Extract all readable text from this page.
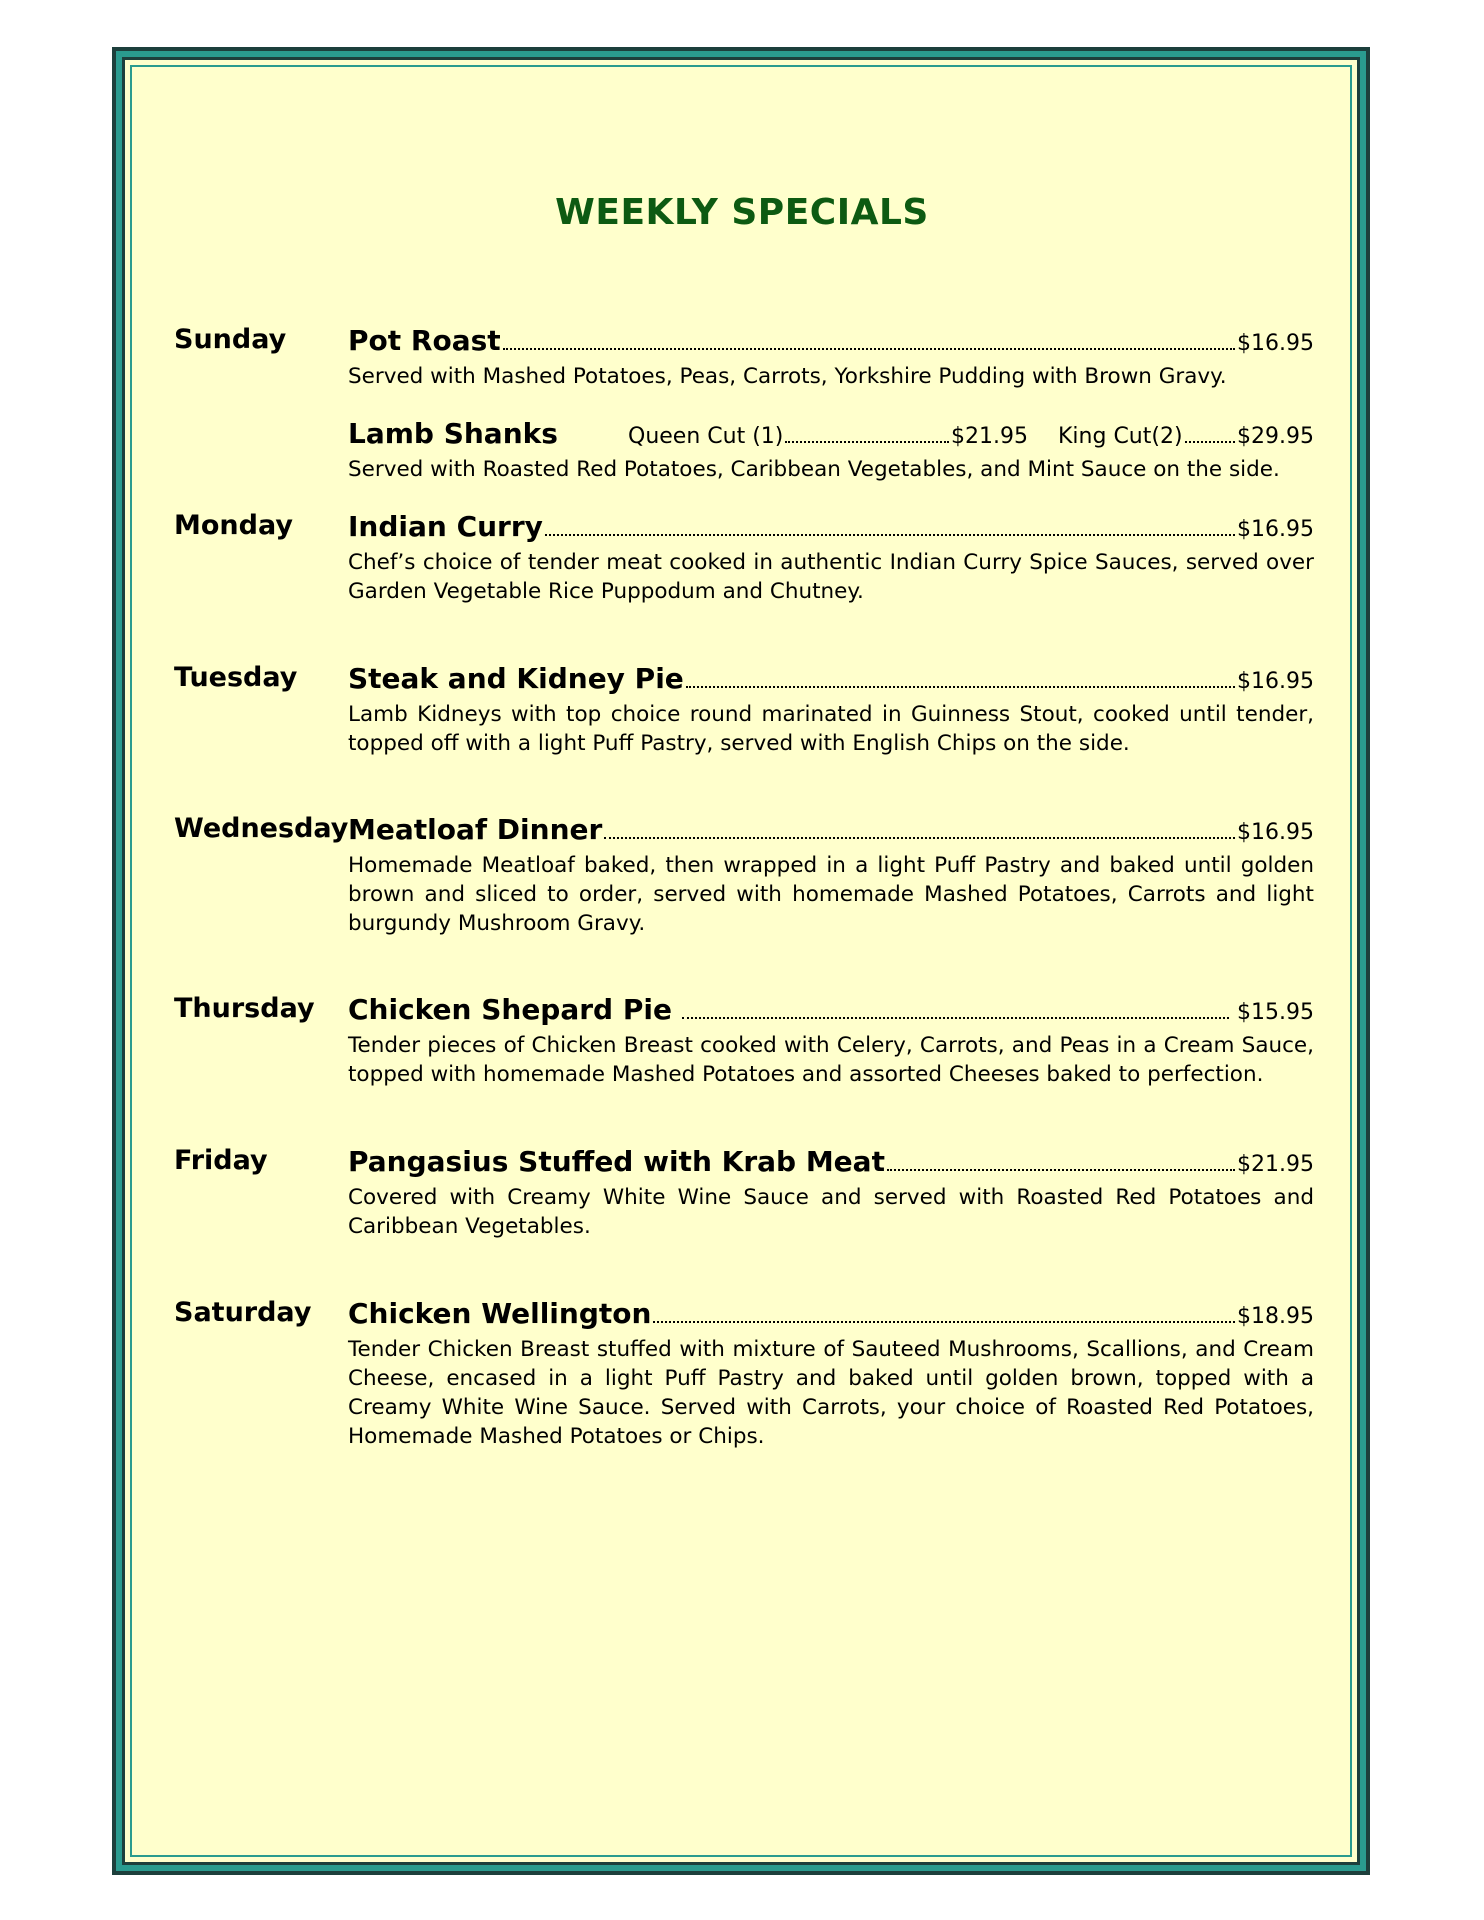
WEEKLY SPECIALS
Sunday Pot Roast	$16.95
Served with Mashed Potatoes, Peas, Carrots, Yorkshire Pudding with Brown Gravy.
Lamb Shanks	Queen Cut (1)	$21.95 King Cut(2) $29.95
Served with Roasted Red Potatoes, Caribbean Vegetables, and Mint Sauce on the side.
Monday Indian Curry	$16.95
Chef’s choice of tender meat cooked in authentic Indian Curry Spice Sauces, served over Garden Vegetable Rice Puppodum and Chutney.
Tuesday Steak and Kidney Pie	$16.95
Lamb Kidneys with top choice round marinated in Guinness Stout, cooked until tender, topped off with a light Puff Pastry, served with English Chips on the side.
Wednesday Meatloaf Dinner	$16.95
Homemade Meatloaf baked, then wrapped in a light Puff Pastry and baked until golden brown and sliced to order, served with homemade Mashed Potatoes, Carrots and light burgundy Mushroom Gravy.
Thursday Chicken Shepard Pie	$15.95
Tender pieces of Chicken Breast cooked with Celery, Carrots, and Peas in a Cream Sauce, topped with homemade Mashed Potatoes and assorted Cheeses baked to perfection.
Friday	Pangasius Stuffed with Krab Meat	$21.95
Covered with Creamy White Wine Sauce and served with Roasted Red Potatoes and Caribbean Vegetables.
Saturday Chicken Wellington	$18.95
Tender Chicken Breast stuffed with mixture of Sauteed Mushrooms, Scallions, and Cream Cheese, encased in a light Puff Pastry and baked until golden brown, topped with a Creamy White Wine Sauce. Served with Carrots, your choice of Roasted Red Potatoes, Homemade Mashed Potatoes or Chips.
